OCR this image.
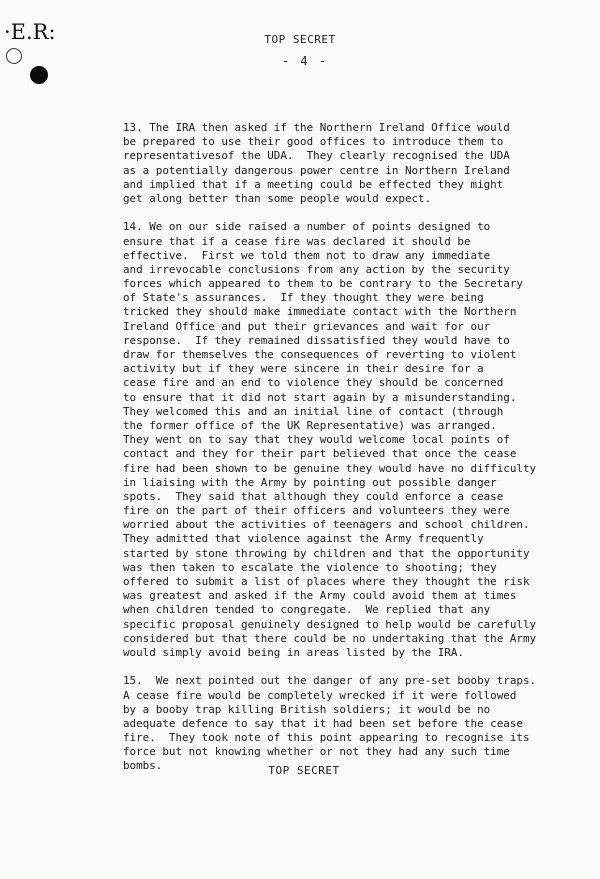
·E.R:	TOP SECRET
- 4 -
13. The IRA then asked if the Northern Ireland Office would
be prepared to use their good offices to introduce them to
representativesof the UDA.  They clearly recognised the UDA
as a potentially dangerous power centre in Northern Ireland
and implied that if a meeting could be effected they might
get along better than some people would expect.
14. We on our side raised a number of points designed to
ensure that if a cease fire was declared it should be
effective.  First we told them not to draw any immediate
and irrevocable conclusions from any action by the security
forces which appeared to them to be contrary to the Secretary
of State's assurances.  If they thought they were being
tricked they should make immediate contact with the Northern
Ireland Office and put their grievances and wait for our
response.  If they remained dissatisfied they would have to
draw for themselves the consequences of reverting to violent
activity but if they were sincere in their desire for a
cease fire and an end to violence they should be concerned
to ensure that it did not start again by a misunderstanding.
They welcomed this and an initial line of contact (through
the former office of the UK Representative) was arranged.
They went on to say that they would welcome local points of
contact and they for their part believed that once the cease
fire had been shown to be genuine they would have no difficulty
in liaising with the Army by pointing out possible danger
spots.  They said that although they could enforce a cease
fire on the part of their officers and volunteers they were
worried about the activities of teenagers and school children.
They admitted that violence against the Army frequently
started by stone throwing by children and that the opportunity
was then taken to escalate the violence to shooting; they
offered to submit a list of places where they thought the risk
was greatest and asked if the Army could avoid them at times
when children tended to congregate.  We replied that any
specific proposal genuinely designed to help would be carefully
considered but that there could be no undertaking that the Army
would simply avoid being in areas listed by the IRA.
15.  We next pointed out the danger of any pre-set booby traps.
A cease fire would be completely wrecked if it were followed
by a booby trap killing British soldiers; it would be no
adequate defence to say that it had been set before the cease
fire.  They took note of this point appearing to recognise its
force but not knowing whether or not they had any such time
bombs.	TOP SECRET
